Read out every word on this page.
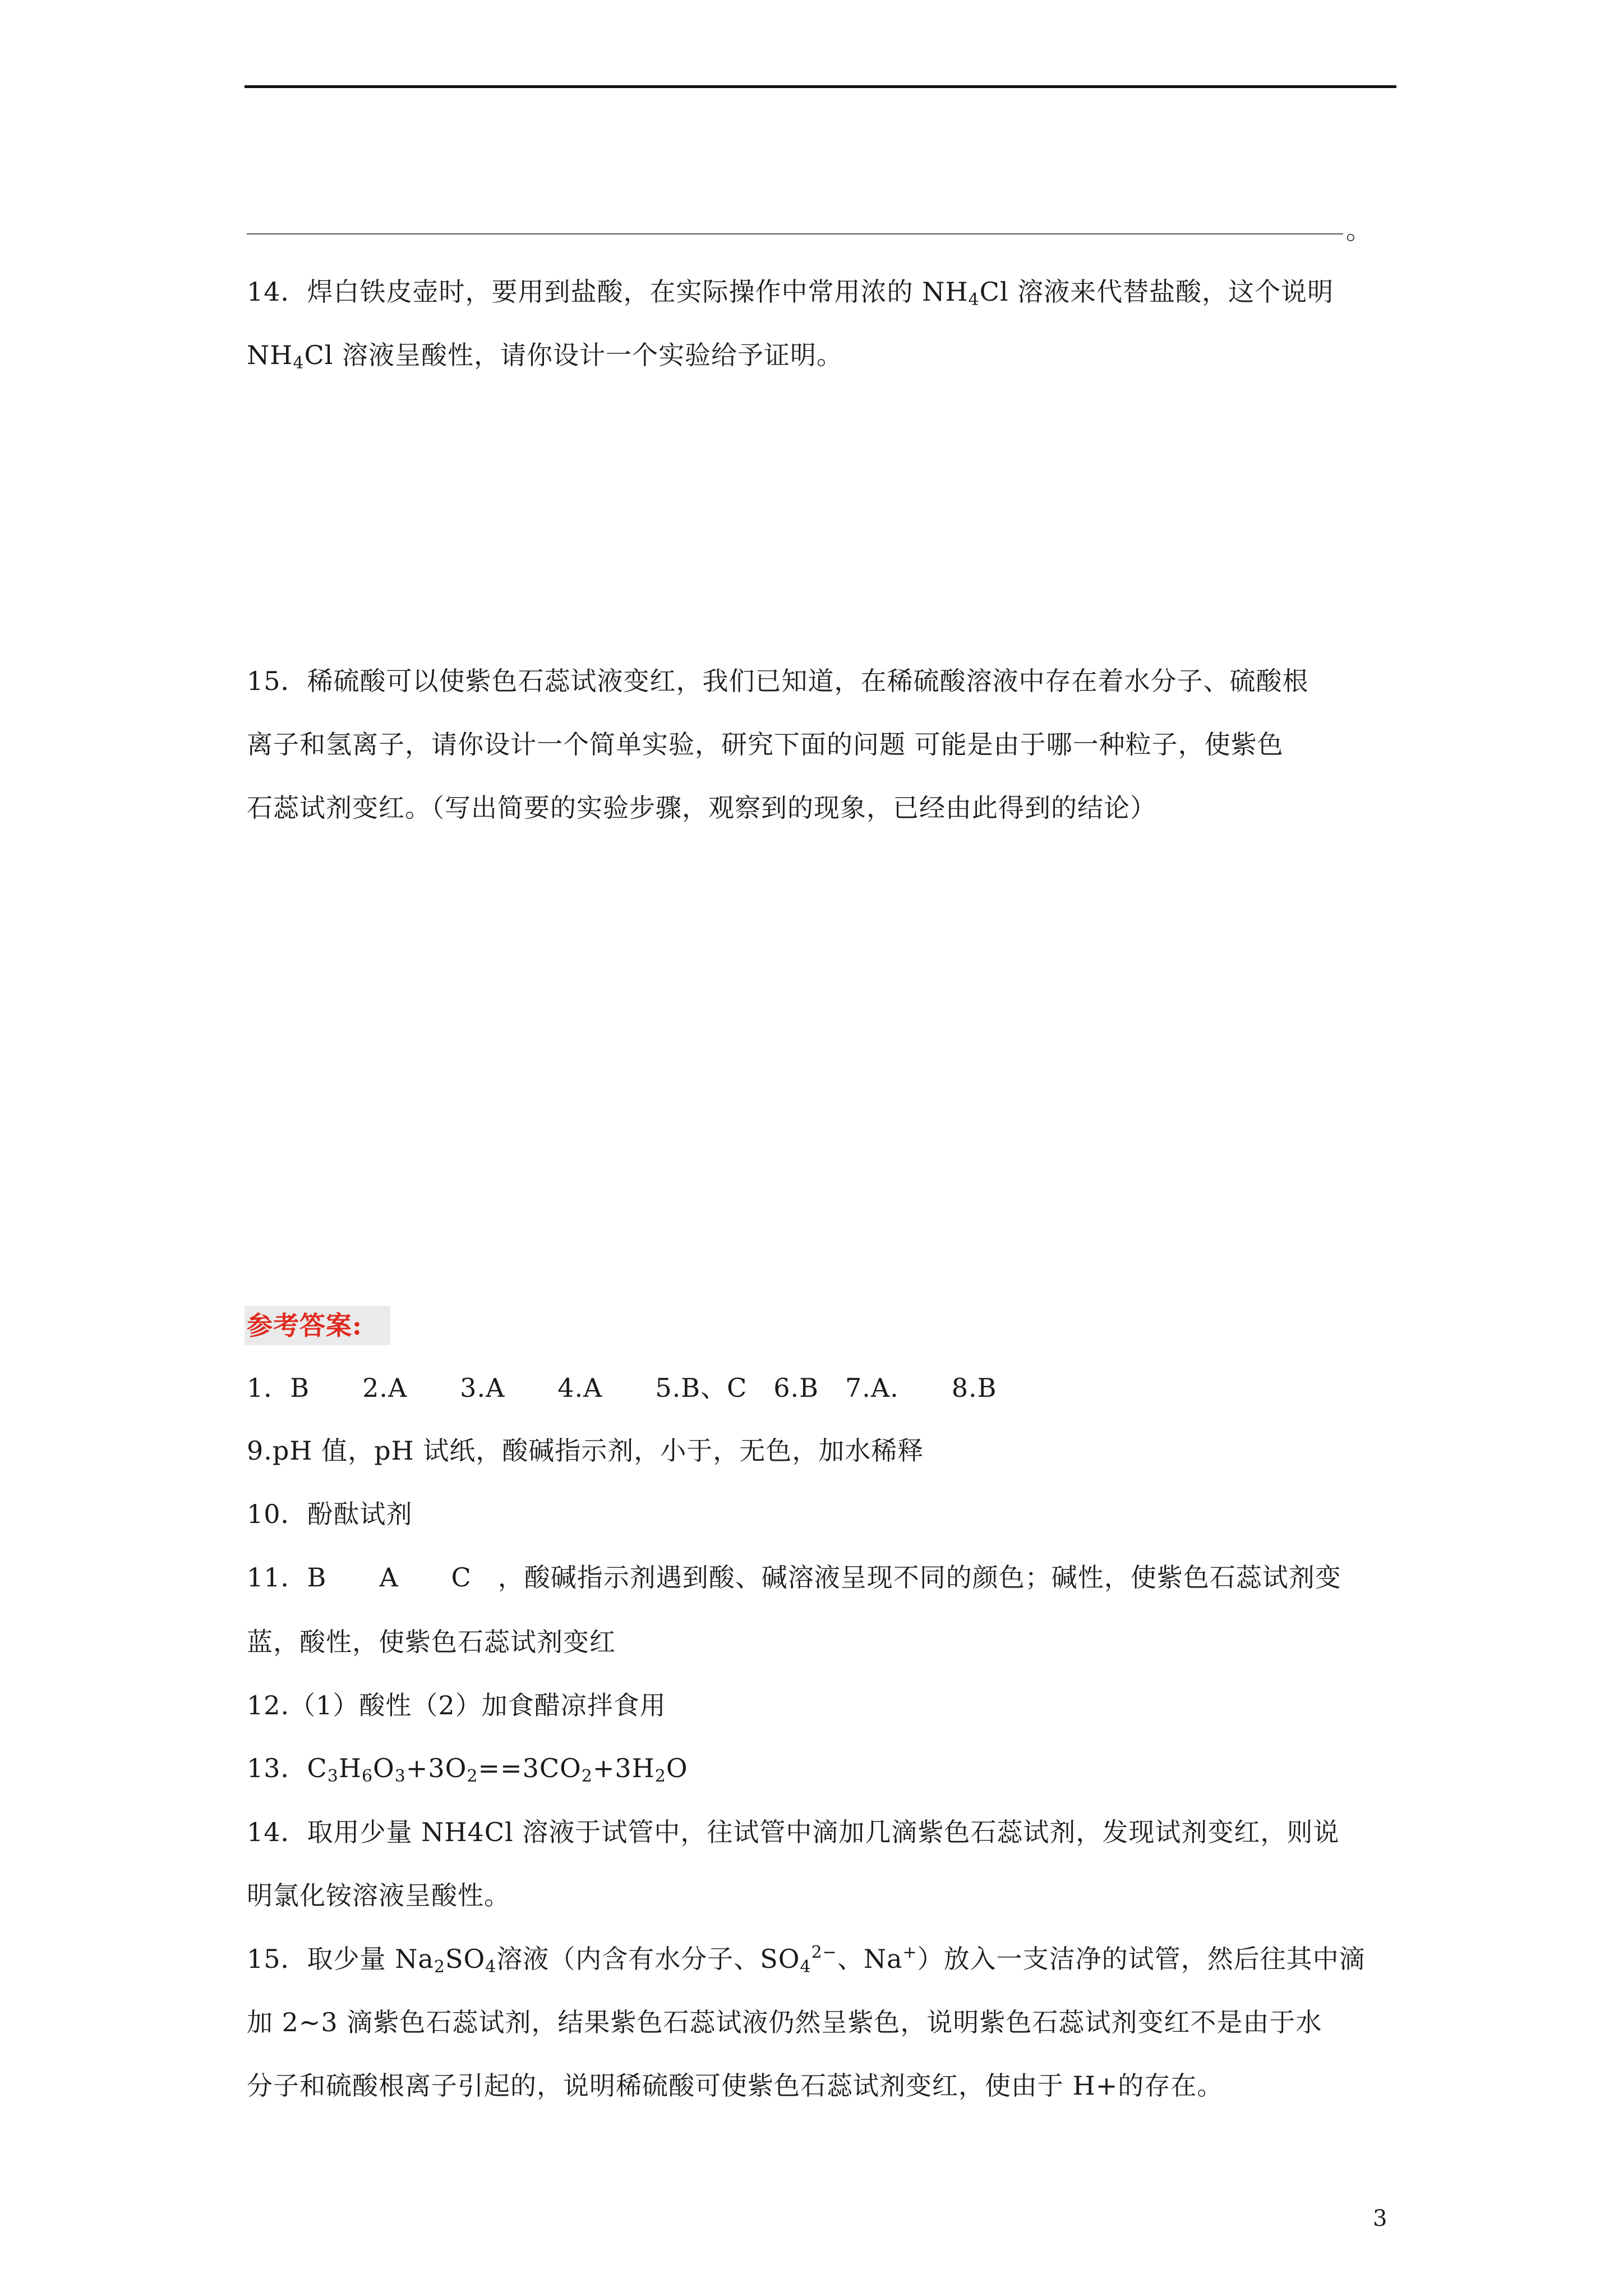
。
14．焊白铁皮壶时，要用到盐酸，在实际操作中常用浓的 $NH_4Cl$ 溶液来代替盐酸，这个说明
$NH_4Cl$ 溶液呈酸性，请你设计一个实验给予证明。
15．稀硫酸可以使紫色石蕊试液变红，我们已知道，在稀硫酸溶液中存在着水分子、硫酸根
离子和氢离子，请你设计一个简单实验，研究下面的问题 可能是由于哪一种粒子，使紫色
石蕊试剂变红。（写出简要的实验步骤，观察到的现象，已经由此得到的结论）
参考答案:
1．B　　2.A　　3.A　　4.A　　5.B、C　6.B　7.A.　　8.B
9.pH 值，pH 试纸，酸碱指示剂，小于，无色，加水稀释
10．酚酞试剂
11．B　　A　　C　，酸碱指示剂遇到酸、碱溶液呈现不同的颜色；碱性，使紫色石蕊试剂变
蓝，酸性，使紫色石蕊试剂变红
12.（1）酸性（2）加食醋凉拌食用
13．$C_3H_6O_3+3O_2==3CO_2+3H_2O$
14．取用少量 NH4Cl 溶液于试管中，往试管中滴加几滴紫色石蕊试剂，发现试剂变红，则说
明氯化铵溶液呈酸性。
15．取少量 $Na_2SO_4$溶液（内含有水分子、$SO_4^{2-}$、Na+）放入一支洁净的试管，然后往其中滴
加 2~3 滴紫色石蕊试剂，结果紫色石蕊试液仍然呈紫色，说明紫色石蕊试剂变红不是由于水
分子和硫酸根离子引起的，说明稀硫酸可使紫色石蕊试剂变红，使由于 H+的存在。
3
